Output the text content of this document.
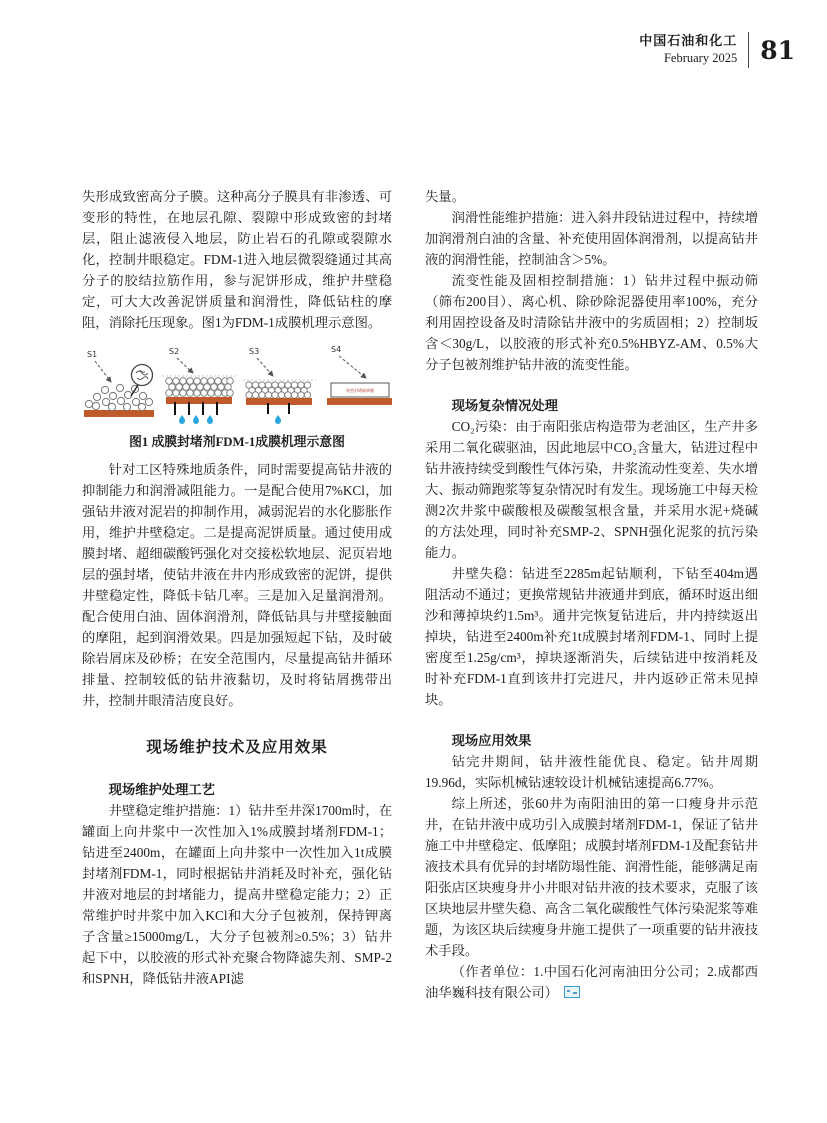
中国石油和化工
February 2025 81

失形成致密高分子膜。这种高分子膜具有非渗透、可变形的特性，在地层孔隙、裂隙中形成致密的封堵层，阻止滤液侵入地层，防止岩石的孔隙或裂隙水化，控制井眼稳定。FDM-1进入地层微裂缝通过其高分子的胶结拉筋作用，参与泥饼形成，维护井壁稳定，可大大改善泥饼质量和润滑性，降低钻柱的摩阻，消除托压现象。图1为FDM-1成膜机理示意图。

S1	S2	S3	S4
致密封堵隔离膜
图1 成膜封堵剂FDM-1成膜机理示意图

针对工区特殊地质条件，同时需要提高钻井液的抑制能力和润滑减阻能力。一是配合使用7%KCl，加强钻井液对泥岩的抑制作用，减弱泥岩的水化膨胀作用，维护井壁稳定。二是提高泥饼质量。通过使用成膜封堵、超细碳酸钙强化对交接松软地层、泥页岩地层的强封堵，使钻井液在井内形成致密的泥饼，提供井壁稳定性，降低卡钻几率。三是加入足量润滑剂。配合使用白油、固体润滑剂，降低钻具与井壁接触面的摩阻，起到润滑效果。四是加强短起下钻，及时破除岩屑床及砂桥；在安全范围内，尽量提高钻井循环排量、控制较低的钻井液黏切，及时将钻屑携带出井，控制井眼清洁度良好。

现场维护技术及应用效果
现场维护处理工艺

井壁稳定维护措施：1）钻井至井深1700m时，在罐面上向井浆中一次性加入1%成膜封堵剂FDM-1；钻进至2400m，在罐面上向井浆中一次性加入1t成膜封堵剂FDM-1，同时根据钻井消耗及时补充，强化钻井液对地层的封堵能力，提高井壁稳定能力；2）正常维护时井浆中加入KCl和大分子包被剂，保持钾离子含量≥15000mg/L，大分子包被剂≥0.5%；3）钻井起下中，以胶液的形式补充聚合物降滤失剂、SMP-2和SPNH，降低钻井液API滤

失量。

润滑性能维护措施：进入斜井段钻进过程中，持续增加润滑剂白油的含量、补充使用固体润滑剂，以提高钻井液的润滑性能，控制油含＞5%。

流变性能及固相控制措施：1）钻井过程中振动筛（筛布200目）、离心机、除砂除泥器使用率100%，充分利用固控设备及时清除钻井液中的劣质固相；2）控制坂含＜30g/L，以胶液的形式补充0.5%HBYZ-AM、0.5%大分子包被剂维护钻井液的流变性能。

现场复杂情况处理

CO₂污染：由于南阳张店构造带为老油区，生产井多采用二氧化碳驱油，因此地层中CO₂含量大，钻进过程中钻井液持续受到酸性气体污染，井浆流动性变差、失水增大、振动筛跑浆等复杂情况时有发生。现场施工中每天检测2次井浆中碳酸根及碳酸氢根含量，并采用水泥+烧碱的方法处理，同时补充SMP-2、SPNH强化泥浆的抗污染能力。

井壁失稳：钻进至2285m起钻顺利，下钻至404m遇阻活动不通过；更换常规钻井液通井到底，循环时返出细沙和薄掉块约1.5m³。通井完恢复钻进后，井内持续返出掉块，钻进至2400m补充1t成膜封堵剂FDM-1、同时上提密度至1.25g/cm³，掉块逐渐消失，后续钻进中按消耗及时补充FDM-1直到该井打完进尺，井内返砂正常未见掉块。

现场应用效果

钻完井期间，钻井液性能优良、稳定。钻井周期19.96d，实际机械钻速较设计机械钻速提高6.77%。

综上所述，张60井为南阳油田的第一口瘦身井示范井，在钻井液中成功引入成膜封堵剂FDM-1，保证了钻井施工中井壁稳定、低摩阻；成膜封堵剂FDM-1及配套钻井液技术具有优异的封堵防塌性能、润滑性能，能够满足南阳张店区块瘦身井小井眼对钻井液的技术要求，克服了该区块地层井壁失稳、高含二氧化碳酸性气体污染泥浆等难题，为该区块后续瘦身井施工提供了一项重要的钻井液技术手段。

（作者单位：1.中国石化河南油田分公司；2.成都西油华巍科技有限公司）
